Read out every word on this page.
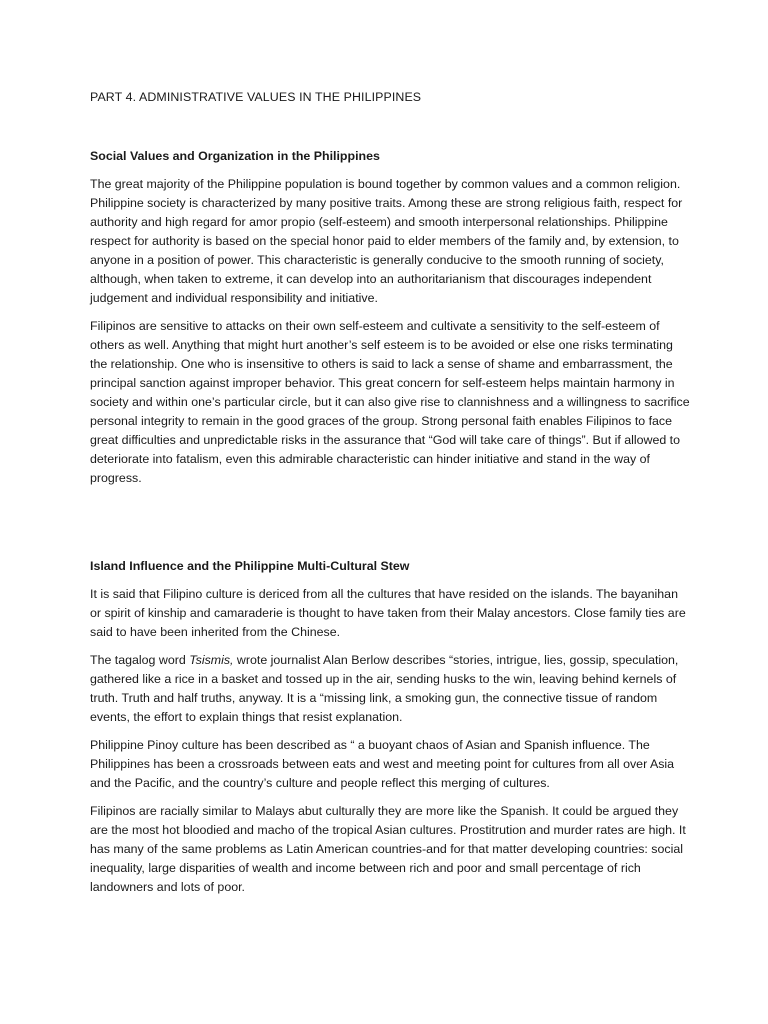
PART 4. ADMINISTRATIVE VALUES IN THE PHILIPPINES

Social Values and Organization in the Philippines

The great majority of the Philippine population is bound together by common values and a common religion. Philippine society is characterized by many positive traits. Among these are strong religious faith, respect for authority and high regard for amor propio (self-esteem) and smooth interpersonal relationships. Philippine respect for authority is based on the special honor paid to elder members of the family and, by extension, to anyone in a position of power. This characteristic is generally conducive to the smooth running of society, although, when taken to extreme, it can develop into an authoritarianism that discourages independent judgement and individual responsibility and initiative.

Filipinos are sensitive to attacks on their own self-esteem and cultivate a sensitivity to the self-esteem of others as well. Anything that might hurt another’s self esteem is to be avoided or else one risks terminating the relationship. One who is insensitive to others is said to lack a sense of shame and embarrassment, the principal sanction against improper behavior. This great concern for self-esteem helps maintain harmony in society and within one’s particular circle, but it can also give rise to clannishness and a willingness to sacrifice personal integrity to remain in the good graces of the group. Strong personal faith enables Filipinos to face great difficulties and unpredictable risks in the assurance that “God will take care of things”. But if allowed to deteriorate into fatalism, even this admirable characteristic can hinder initiative and stand in the way of progress.

Island Influence and the Philippine Multi-Cultural Stew

It is said that Filipino culture is dericed from all the cultures that have resided on the islands. The bayanihan or spirit of kinship and camaraderie is thought to have taken from their Malay ancestors. Close family ties are said to have been inherited from the Chinese.

The tagalog word Tsismis, wrote journalist Alan Berlow describes “stories, intrigue, lies, gossip, speculation, gathered like a rice in a basket and tossed up in the air, sending husks to the win, leaving behind kernels of truth. Truth and half truths, anyway. It is a “missing link, a smoking gun, the connective tissue of random events, the effort to explain things that resist explanation.

Philippine Pinoy culture has been described as “ a buoyant chaos of Asian and Spanish influence. The Philippines has been a crossroads between eats and west and meeting point for cultures from all over Asia and the Pacific, and the country’s culture and people reflect this merging of cultures.

Filipinos are racially similar to Malays abut culturally they are more like the Spanish. It could be argued they are the most hot bloodied and macho of the tropical Asian cultures. Prostitrution and murder rates are high. It has many of the same problems as Latin American countries-and for that matter developing countries: social inequality, large disparities of wealth and income between rich and poor and small percentage of rich landowners and lots of poor.
